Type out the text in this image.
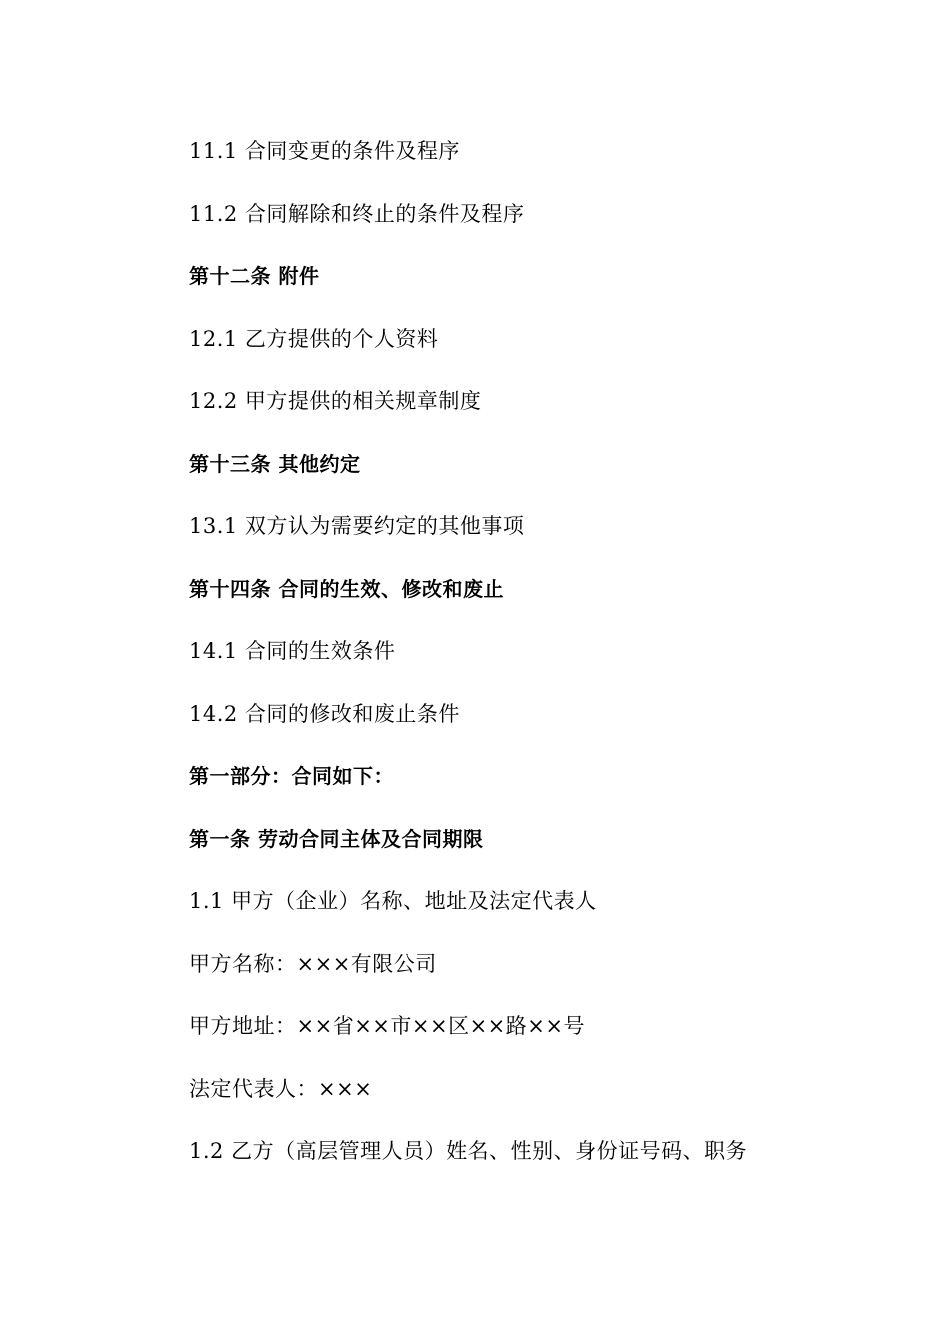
11.1 合同变更的条件及程序
11.2 合同解除和终止的条件及程序
第十二条 附件
12.1 乙方提供的个人资料
12.2 甲方提供的相关规章制度
第十三条 其他约定
13.1 双方认为需要约定的其他事项
第十四条 合同的生效、修改和废止
14.1 合同的生效条件
14.2 合同的修改和废止条件
第一部分：合同如下：
第一条 劳动合同主体及合同期限
1.1 甲方（企业）名称、地址及法定代表人
甲方名称：×××有限公司
甲方地址：××省××市××区××路××号
法定代表人：×××
1.2 乙方（高层管理人员）姓名、性别、身份证号码、职务
